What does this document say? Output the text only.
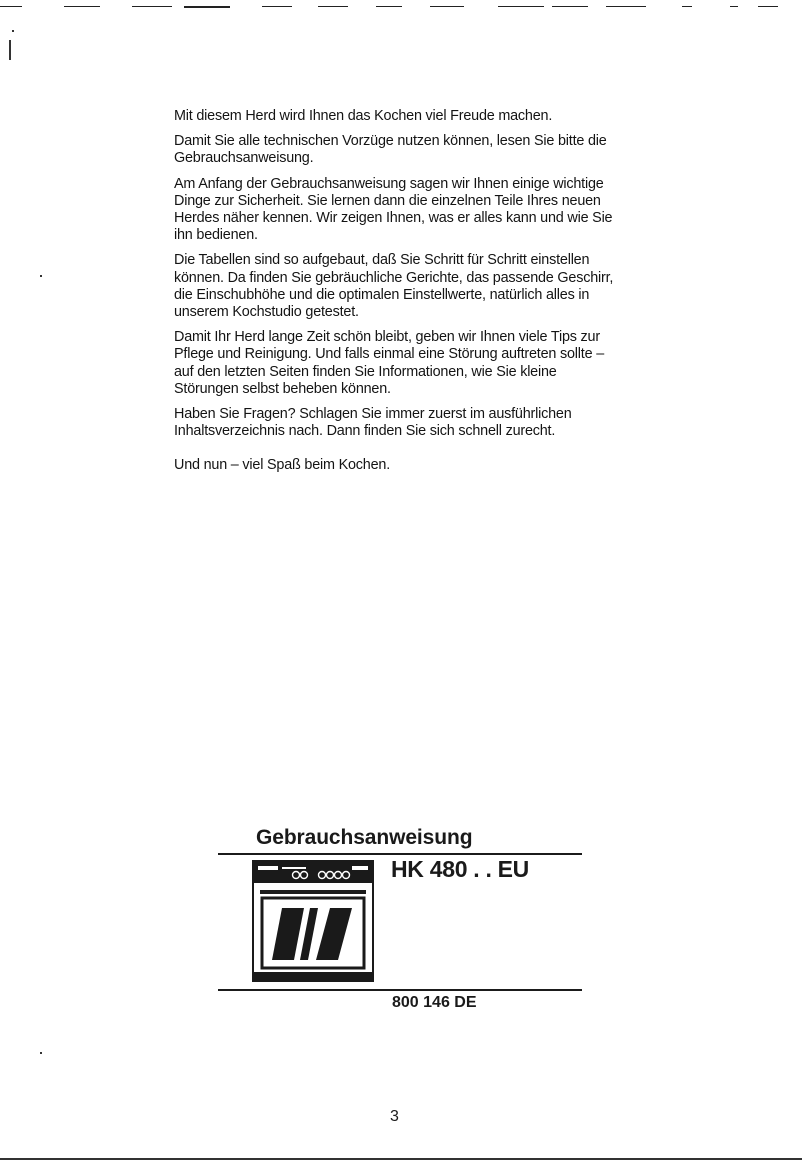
Mit diesem Herd wird Ihnen das Kochen viel Freude machen.

Damit Sie alle technischen Vorzüge nutzen können, lesen Sie bitte die Gebrauchsanweisung.

Am Anfang der Gebrauchsanweisung sagen wir Ihnen einige wichtige Dinge zur Sicherheit. Sie lernen dann die einzelnen Teile Ihres neuen Herdes näher kennen. Wir zeigen Ihnen, was er alles kann und wie Sie ihn bedienen.

Die Tabellen sind so aufgebaut, daß Sie Schritt für Schritt einstellen können. Da finden Sie gebräuchliche Gerichte, das passende Geschirr, die Einschubhöhe und die optimalen Einstellwerte, natürlich alles in unserem Kochstudio getestet.

Damit Ihr Herd lange Zeit schön bleibt, geben wir Ihnen viele Tips zur Pflege und Reinigung. Und falls einmal eine Störung auftreten sollte – auf den letzten Seiten finden Sie Informationen, wie Sie kleine Störungen selbst beheben können.

Haben Sie Fragen? Schlagen Sie immer zuerst im ausführlichen Inhaltsverzeichnis nach. Dann finden Sie sich schnell zurecht.

Und nun – viel Spaß beim Kochen.

Gebrauchsanweisung
HK 480 . . EU
800 146 DE
3
